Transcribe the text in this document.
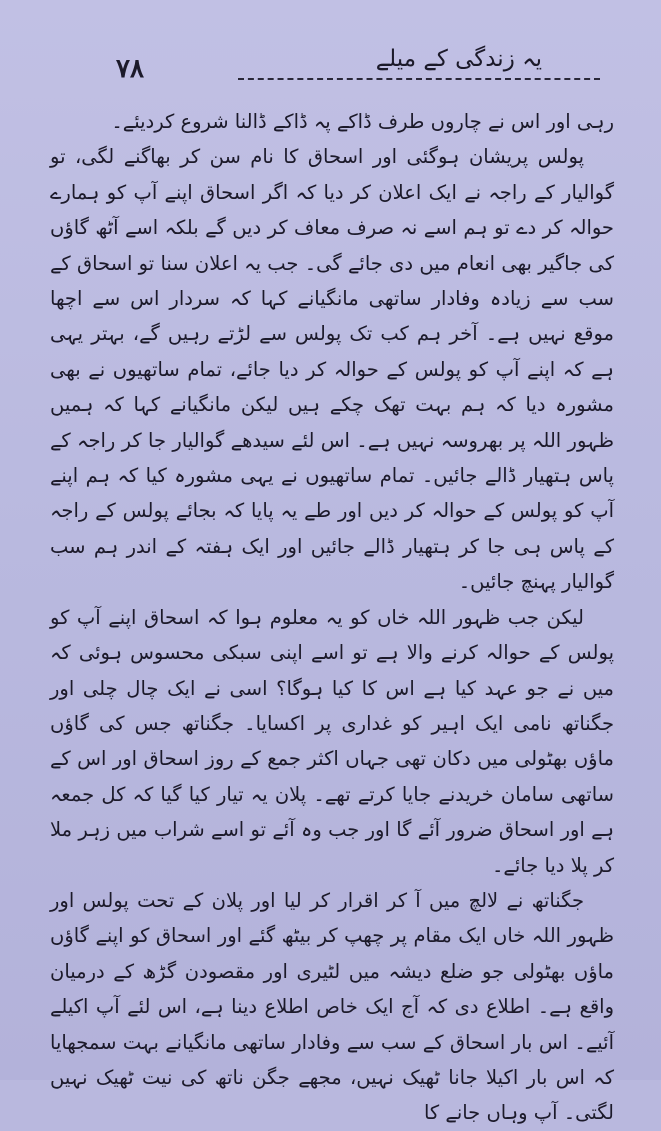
۷۸	یہ زندگی کے میلے

رہی اور اس نے چاروں طرف ڈاکے پہ ڈاکے ڈالنا شروع کردیئے۔

پولس پریشان ہوگئی اور اسحاق کا نام سن کر بھاگنے لگی، تو گوالیار کے راجہ نے ایک اعلان کر دیا کہ اگر اسحاق اپنے آپ کو ہمارے حوالہ کر دے تو ہم اسے نہ صرف معاف کر دیں گے بلکہ اسے آٹھ گاؤں کی جاگیر بھی انعام میں دی جائے گی۔ جب یہ اعلان سنا تو اسحاق کے سب سے زیادہ وفادار ساتھی مانگیانے کہا کہ سردار اس سے اچھا موقع نہیں ہے۔ آخر ہم کب تک پولس سے لڑتے رہیں گے، بہتر یہی ہے کہ اپنے آپ کو پولس کے حوالہ کر دیا جائے، تمام ساتھیوں نے بھی مشورہ دیا کہ ہم بہت تھک چکے ہیں لیکن مانگیانے کہا کہ ہمیں ظہور اللہ پر بھروسہ نہیں ہے۔ اس لئے سیدھے گوالیار جا کر راجہ کے پاس ہتھیار ڈالے جائیں۔ تمام ساتھیوں نے یہی مشورہ کیا کہ ہم اپنے آپ کو پولس کے حوالہ کر دیں اور طے یہ پایا کہ بجائے پولس کے راجہ کے پاس ہی جا کر ہتھیار ڈالے جائیں اور ایک ہفتہ کے اندر ہم سب گوالیار پہنچ جائیں۔

لیکن جب ظہور اللہ خاں کو یہ معلوم ہوا کہ اسحاق اپنے آپ کو پولس کے حوالہ کرنے والا ہے تو اسے اپنی سبکی محسوس ہوئی کہ میں نے جو عہد کیا ہے اس کا کیا ہوگا؟ اسی نے ایک چال چلی اور جگناتھ نامی ایک اہیر کو غداری پر اکسایا۔ جگناتھ جس کی گاؤں ماؤں بھٹولی میں دکان تھی جہاں اکثر جمع کے روز اسحاق اور اس کے ساتھی سامان خریدنے جایا کرتے تھے۔ پلان یہ تیار کیا گیا کہ کل جمعہ ہے اور اسحاق ضرور آئے گا اور جب وہ آئے تو اسے شراب میں زہر ملا کر پلا دیا جائے۔

جگناتھ نے لالچ میں آ کر اقرار کر لیا اور پلان کے تحت پولس اور ظہور اللہ خاں ایک مقام پر چھپ کر بیٹھ گئے اور اسحاق کو اپنے گاؤں ماؤں بھٹولی جو ضلع دیشہ میں لٹیری اور مقصودن گڑھ کے درمیان واقع ہے۔ اطلاع دی کہ آج ایک خاص اطلاع دینا ہے، اس لئے آپ اکیلے آئیے۔ اس بار اسحاق کے سب سے وفادار ساتھی مانگیانے بہت سمجھایا کہ اس بار اکیلا جانا ٹھیک نہیں، مجھے جگن ناتھ کی نیت ٹھیک نہیں لگتی۔ آپ وہاں جانے کا
